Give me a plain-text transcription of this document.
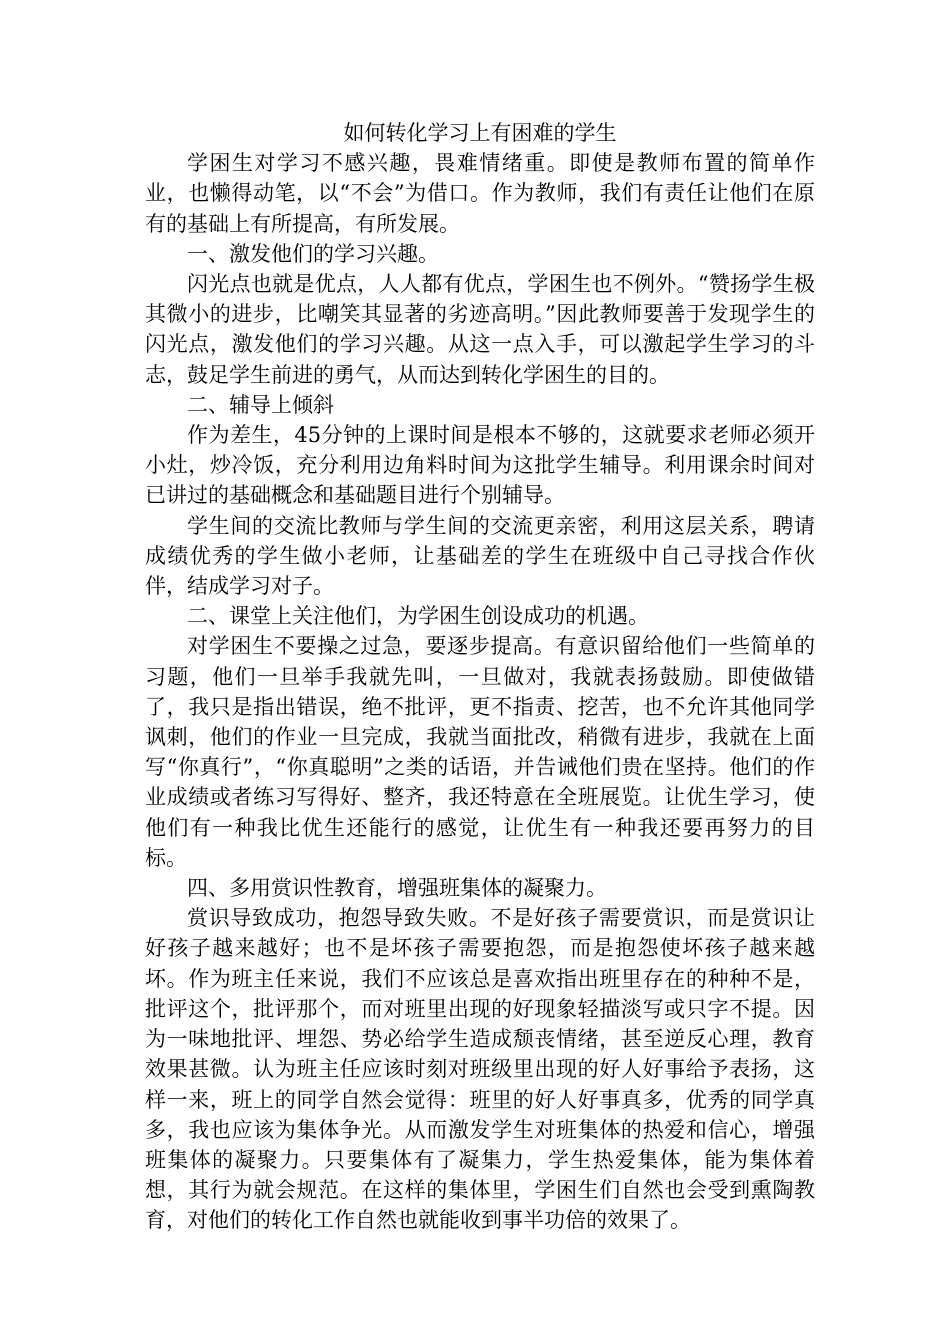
如何转化学习上有困难的学生

学困生对学习不感兴趣，畏难情绪重。即使是教师布置的简单作业，也懒得动笔，以“不会”为借口。作为教师，我们有责任让他们在原有的基础上有所提高，有所发展。

一、激发他们的学习兴趣。

闪光点也就是优点，人人都有优点，学困生也不例外。“赞扬学生极其微小的进步，比嘲笑其显著的劣迹高明。”因此教师要善于发现学生的闪光点，激发他们的学习兴趣。从这一点入手，可以激起学生学习的斗志，鼓足学生前进的勇气，从而达到转化学困生的目的。

二、辅导上倾斜

作为差生，45分钟的上课时间是根本不够的，这就要求老师必须开小灶，炒冷饭，充分利用边角料时间为这批学生辅导。利用课余时间对已讲过的基础概念和基础题目进行个别辅导。

学生间的交流比教师与学生间的交流更亲密，利用这层关系，聘请成绩优秀的学生做小老师，让基础差的学生在班级中自己寻找合作伙伴，结成学习对子。

二、课堂上关注他们，为学困生创设成功的机遇。

对学困生不要操之过急，要逐步提高。有意识留给他们一些简单的习题，他们一旦举手我就先叫，一旦做对，我就表扬鼓励。即使做错了，我只是指出错误，绝不批评，更不指责、挖苦，也不允许其他同学讽刺，他们的作业一旦完成，我就当面批改，稍微有进步，我就在上面写“你真行”，“你真聪明”之类的话语，并告诫他们贵在坚持。他们的作业成绩或者练习写得好、整齐，我还特意在全班展览。让优生学习，使他们有一种我比优生还能行的感觉，让优生有一种我还要再努力的目标。

四、多用赏识性教育，增强班集体的凝聚力。

赏识导致成功，抱怨导致失败。不是好孩子需要赏识，而是赏识让好孩子越来越好；也不是坏孩子需要抱怨，而是抱怨使坏孩子越来越坏。作为班主任来说，我们不应该总是喜欢指出班里存在的种种不是，批评这个，批评那个，而对班里出现的好现象轻描淡写或只字不提。因为一味地批评、埋怨、势必给学生造成颓丧情绪，甚至逆反心理，教育效果甚微。认为班主任应该时刻对班级里出现的好人好事给予表扬，这样一来，班上的同学自然会觉得：班里的好人好事真多，优秀的同学真多，我也应该为集体争光。从而激发学生对班集体的热爱和信心，增强班集体的凝聚力。只要集体有了凝集力，学生热爱集体，能为集体着想，其行为就会规范。在这样的集体里，学困生们自然也会受到熏陶教育，对他们的转化工作自然也就能收到事半功倍的效果了。
